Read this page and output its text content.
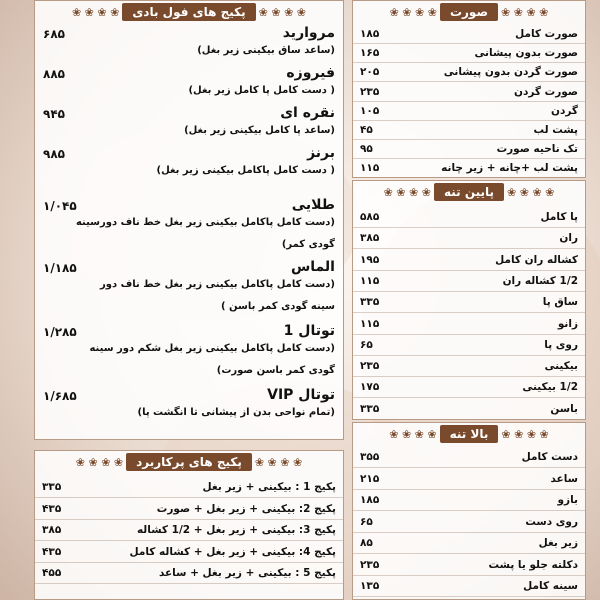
❀ ❀ ❀ ❀	پکیج های فول بادی	❀ ❀ ❀ ❀
مروارید
۶۸۵
(ساعد ساق بیکینی زیر بغل)
فیروزه
۸۸۵
( دست کامل پا کامل زیر بغل)
نقره ای
۹۴۵
(ساعد پا کامل بیکینی زیر بغل)
برنز
۹۸۵
( دست کامل پاکامل بیکینی زیر بغل)
طلایی
۱/۰۴۵
(دست کامل پاکامل بیکینی زیر بغل خط ناف دورسینه
گودی کمر)
الماس
۱/۱۸۵
(دست کامل پاکامل بیکینی زیر بغل خط ناف دور
سینه گودی کمر باسن )
توتال 1
۱/۲۸۵
(دست کامل پاکامل بیکینی زیر بغل شکم دور سینه
گودی کمر باسن صورت)
توتال VIP
۱/۶۸۵
(تمام نواحی بدن از پیشانی تا انگشت پا)
❀ ❀ ❀ ❀	صورت	❀ ❀ ❀ ❀
صورت کامل
۱۸۵
صورت بدون پیشانی
۱۶۵
صورت گردن بدون پیشانی
۲۰۵
صورت گردن
۲۳۵
گردن
۱۰۵
پشت لب
۴۵
تک ناحیه صورت
۹۵
پشت لب +چانه + زیر چانه
۱۱۵
❀ ❀ ❀ ❀	پایین تنه	❀ ❀ ❀ ❀
پا کامل
۵۸۵
ران
۳۸۵
کشاله ران کامل
۱۹۵
1/2 کشاله ران
۱۱۵
ساق پا
۳۳۵
زانو
۱۱۵
روی پا
۶۵
بیکینی
۲۳۵
1/2 بیکینی
۱۷۵
باسن
۳۳۵
❀ ❀ ❀ ❀	بالا تنه	❀ ❀ ❀ ❀
دست کامل
۳۵۵
ساعد
۲۱۵
بازو
۱۸۵
روی دست
۶۵
زیر بغل
۸۵
دکلته جلو یا پشت
۲۳۵
سینه کامل
۱۳۵
❀ ❀ ❀ ❀	پکیج های پرکاربرد	❀ ❀ ❀ ❀
پکیج 1 : بیکینی + زیر بغل
۳۳۵
پکیج 2: بیکینی + زیر بغل + صورت
۴۳۵
پکیج 3: بیکینی + زیر بغل + 1/2 کشاله
۳۸۵
پکیج 4: بیکینی + زیر بغل + کشاله کامل
۴۳۵
پکیج 5 : بیکینی + زیر بغل + ساعد
۴۵۵
